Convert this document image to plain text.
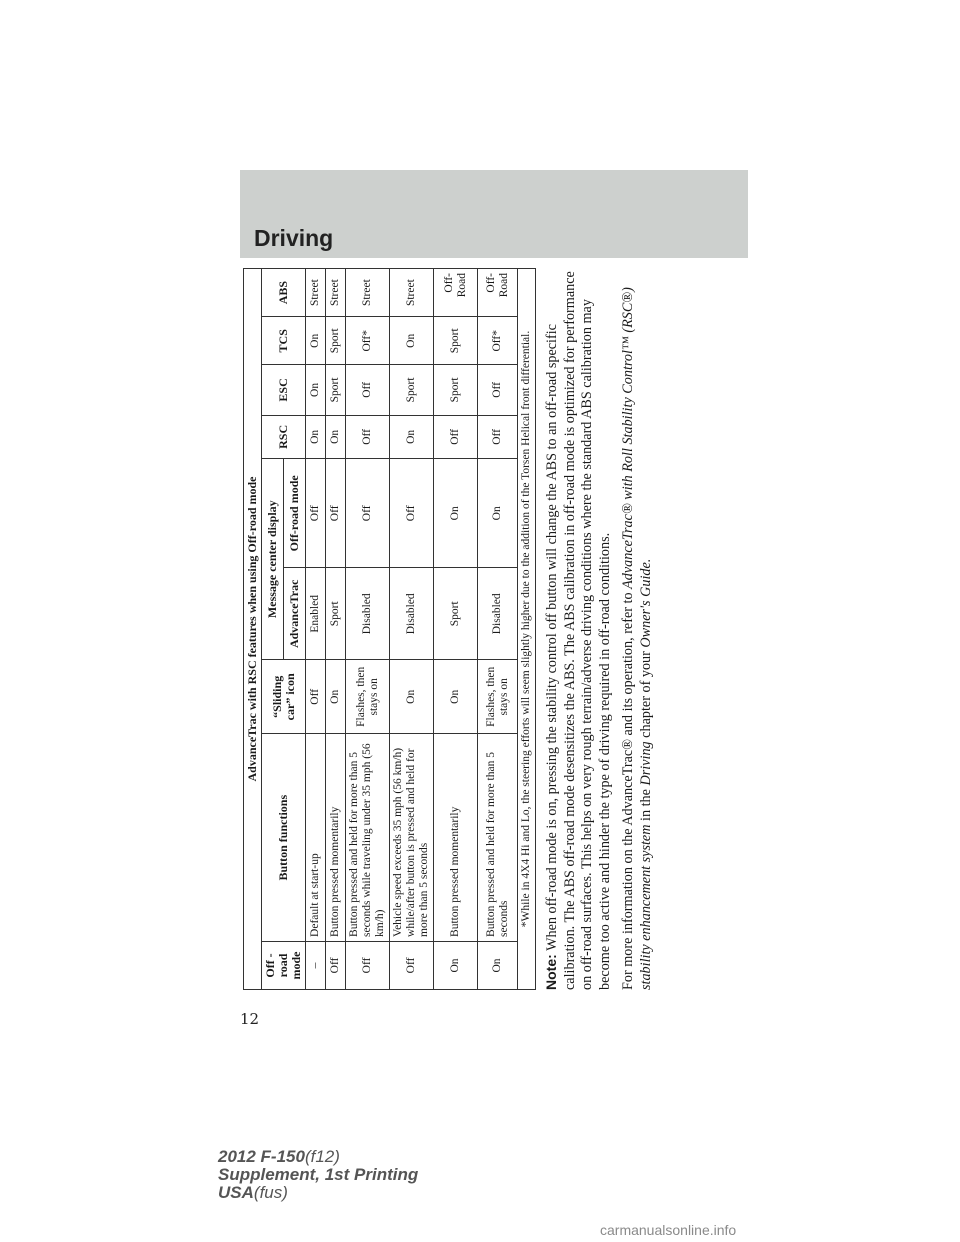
Driving
AdvanceTrac with RSC features when using Off-road mode								
Off -road mode	Button functions	“Sliding car” icon	Message center display		RSC	ESC	TCS	ABS
			AdvanceTrac	Off-road mode				
–	Default at start-up	Off	Enabled	Off	On	On	On	Street
Off	Button pressed momentarily	On	Sport	Off	On	Sport	Sport	Street
Off	Button pressed and held for more than 5 seconds while traveling under 35 mph (56 km/h)	Flashes, then stays on	Disabled	Off	Off	Off	Off*	Street
Off	Vehicle speed exceeds 35 mph (56 km/h) while/after button is pressed and held for more than 5 seconds	On	Disabled	Off	On	Sport	On	Street
On	Button pressed momentarily	On	Sport	On	Off	Sport	Sport	Off-Road
On	Button pressed and held for more than 5 seconds	Flashes, then stays on	Disabled	On	Off	Off	Off*	Off-Road
*While in 4X4 Hi and Lo, the steering efforts will seem slightly higher due to the addition of the Torsen Helical front differential.								

Note: When off-road mode is on, pressing the stability control off button will change the ABS to an off-road specific calibration. The ABS off-road mode desensitizes the ABS. The ABS calibration in off-road mode is optimized for performance on off-road surfaces. This helps on very rough terrain/adverse driving conditions where the standard ABS calibration may become too active and hinder the type of driving required in off-road conditions. For more information on the AdvanceTrac® and its operation, refer to AdvanceTrac® with Roll Stability Control™ (RSC®) stability enhancement system in the Driving chapter of your Owner's Guide.

12
2012 F-150(f12)
Supplement, 1st Printing
USA(fus)
carmanualsonline.info
